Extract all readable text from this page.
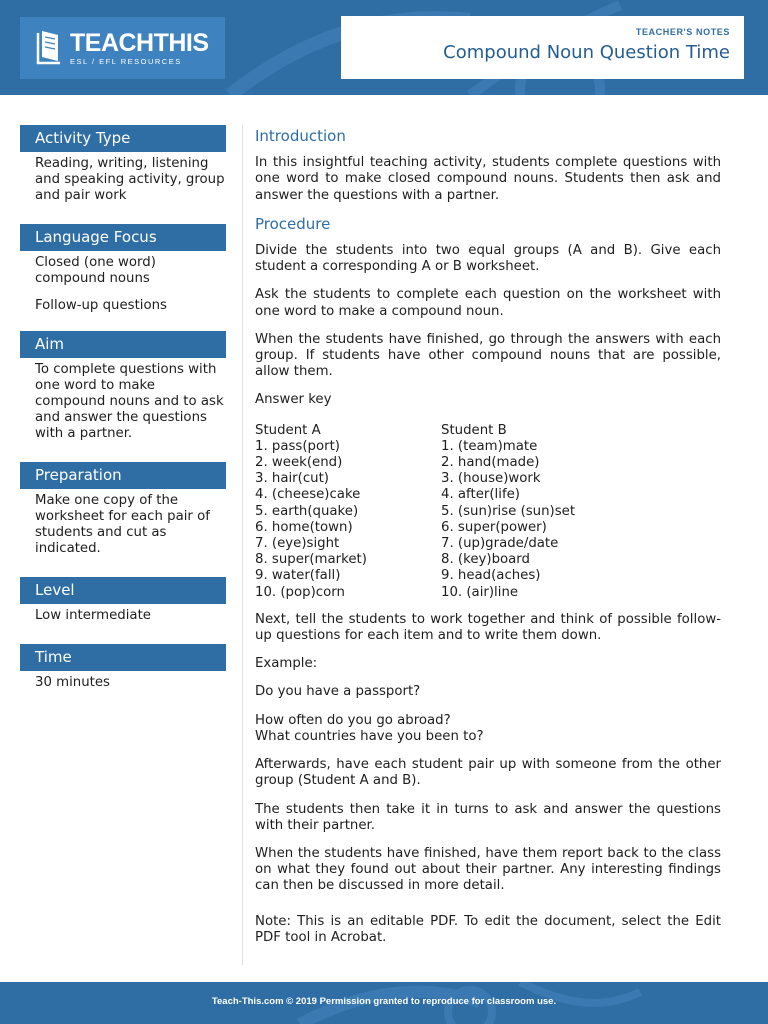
TEACHTHIS
ESL / EFL RESOURCES
TEACHER'S NOTES
Compound Noun Question Time
Activity Type

Reading, writing, listening and speaking activity, group and pair work

Language Focus

Closed (one word) compound nouns

Follow-up questions

Aim

To complete questions with one word to make compound nouns and to ask and answer the questions with a partner.

Preparation

Make one copy of the worksheet for each pair of students and cut as indicated.

Level

Low intermediate

Time

30 minutes

Introduction

In this insightful teaching activity, students complete questions with one word to make closed compound nouns. Students then ask and answer the questions with a partner.

Procedure

Divide the students into two equal groups (A and B). Give each student a corresponding A or B worksheet.

Ask the students to complete each question on the worksheet with one word to make a compound noun.

When the students have finished, go through the answers with each group. If students have other compound nouns that are possible, allow them.

Answer key

Student A
1. pass(port)
2. week(end)
3. hair(cut)
4. (cheese)cake
5. earth(quake)
6. home(town)
7. (eye)sight
8. super(market)
9. water(fall)
10. (pop)corn
Student B
1. (team)mate
2. hand(made)
3. (house)work
4. after(life)
5. (sun)rise (sun)set
6. super(power)
7. (up)grade/date
8. (key)board
9. head(aches)
10. (air)line

Next, tell the students to work together and think of possible follow-up questions for each item and to write them down.

Example:

Do you have a passport?

How often do you go abroad?

What countries have you been to?

Afterwards, have each student pair up with someone from the other group (Student A and B).

The students then take it in turns to ask and answer the questions with their partner.

When the students have finished, have them report back to the class on what they found out about their partner. Any interesting findings can then be discussed in more detail.

Note: This is an editable PDF. To edit the document, select the Edit PDF tool in Acrobat.

Teach-This.com © 2019 Permission granted to reproduce for classroom use.
